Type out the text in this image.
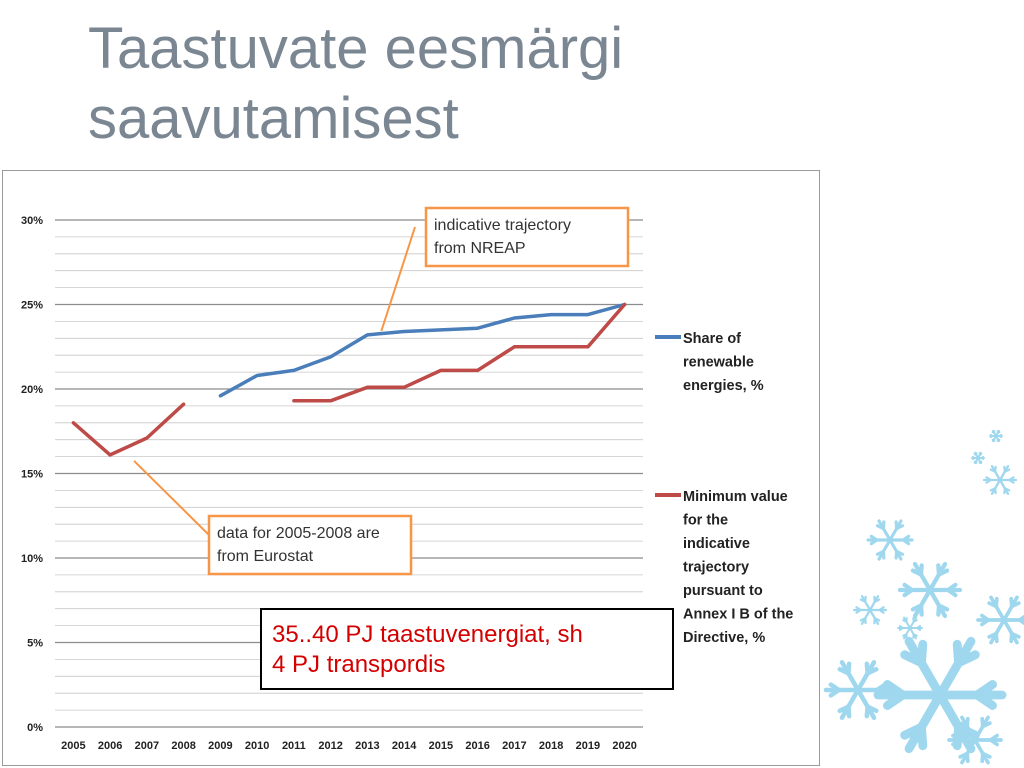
Taastuvate eesmärgi
saavutamisest
0%
5%
10%
15%
20%
25%
30%
2005 2006 2007 2008 2009 2010 2011 2012 2013 2014 2015 2016 2017 2018 2019 2020
Share of
renewable
energies, %
Minimum value
for the
indicative
trajectory
pursuant to
Annex I B of the
Directive, %
indicative trajectory
from NREAP
data for 2005-2008 are
from Eurostat
35..40 PJ taastuvenergiat, sh
4 PJ transpordis
